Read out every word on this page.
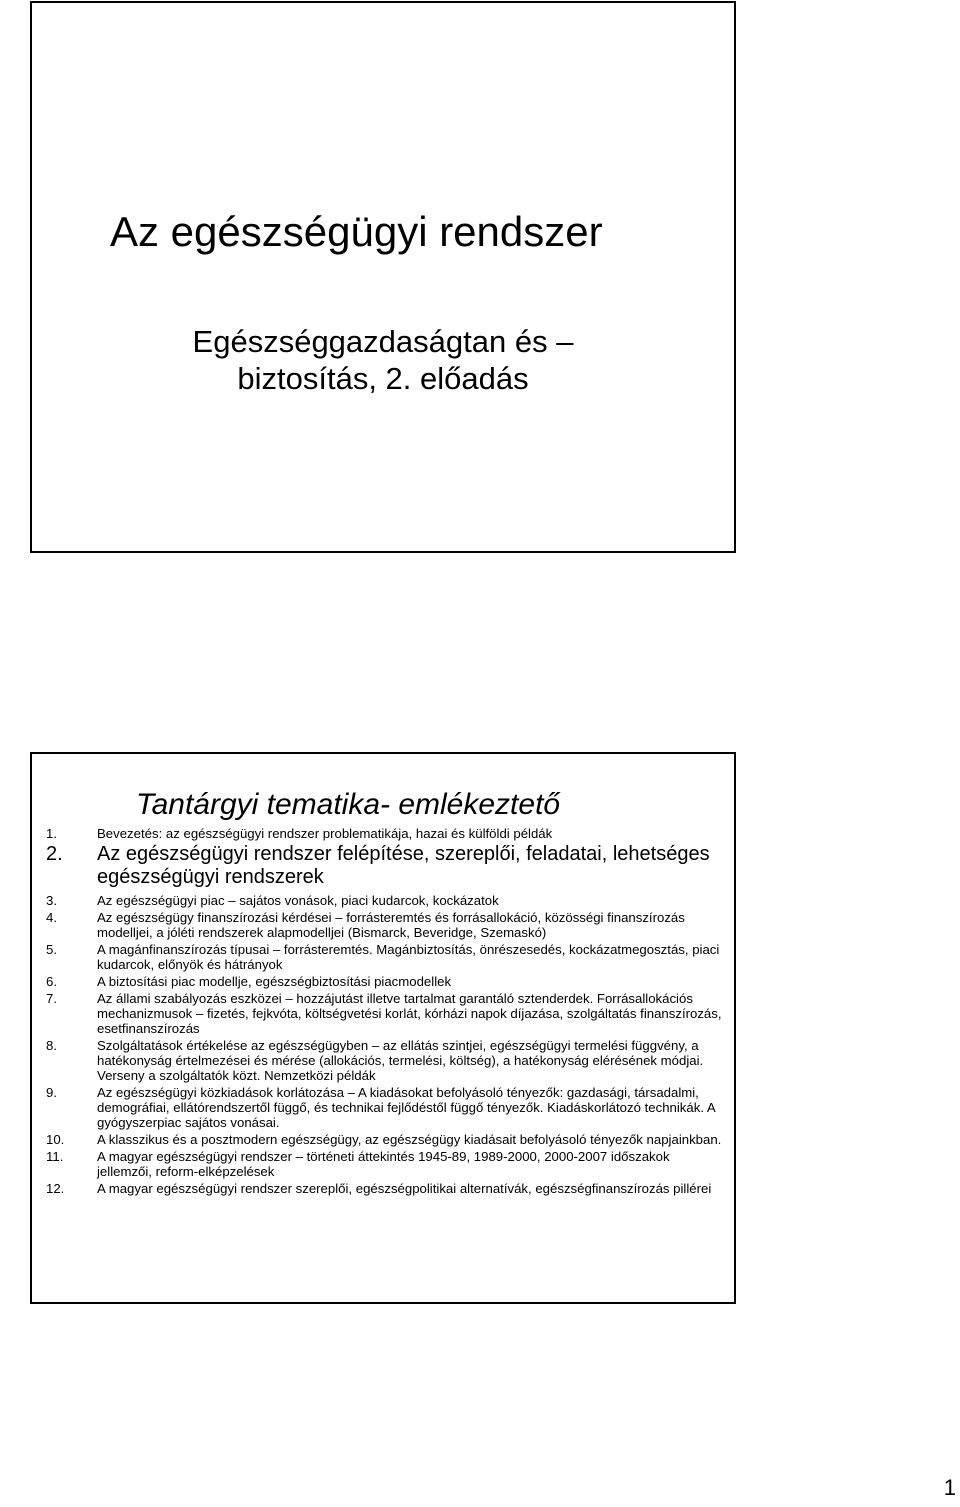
Az egészségügyi rendszer
Egészséggazdaságtan és –
biztosítás, 2. előadás
Tantárgyi tematika- emlékeztető
1.	Bevezetés: az egészségügyi rendszer problematikája, hazai és külföldi példák
2. Az egészségügyi rendszer felépítése, szereplői, feladatai, lehetséges egészségügyi rendszerek
3.	Az egészségügyi piac – sajátos vonások, piaci kudarcok, kockázatok
4.	Az egészségügy finanszírozási kérdései – forrásteremtés és forrásallokáció, közösségi finanszírozás modelljei, a jóléti rendszerek alapmodelljei (Bismarck, Beveridge, Szemaskó)
5.	A magánfinanszírozás típusai – forrásteremtés. Magánbiztosítás, önrészesedés, kockázatmegosztás, piaci kudarcok, előnyök és hátrányok
6.	A biztosítási piac modellje, egészségbiztosítási piacmodellek
7.	Az állami szabályozás eszközei – hozzájutást illetve tartalmat garantáló sztenderdek. Forrásallokációs mechanizmusok – fizetés, fejkvóta, költségvetési korlát, kórházi napok díjazása, szolgáltatás finanszírozás, esetfinanszírozás
8.	Szolgáltatások értékelése az egészségügyben – az ellátás szintjei, egészségügyi termelési függvény, a hatékonyság értelmezései és mérése (allokációs, termelési, költség), a hatékonyság elérésének módjai. Verseny a szolgáltatók közt. Nemzetközi példák
9.	Az egészségügyi közkiadások korlátozása – A kiadásokat befolyásoló tényezők: gazdasági, társadalmi, demográfiai, ellátórendszertől függő, és technikai fejlődéstől függő tényezők. Kiadáskorlátozó technikák. A gyógyszerpiac sajátos vonásai.
10. A klasszikus és a posztmodern egészségügy, az egészségügy kiadásait befolyásoló tényezők napjainkban.
11.	A magyar egészségügyi rendszer – történeti áttekintés 1945-89, 1989-2000, 2000-2007 időszakok jellemzői, reform-elképzelések
12. A magyar egészségügyi rendszer szereplői, egészségpolitikai alternatívák, egészségfinanszírozás pillérei
1
